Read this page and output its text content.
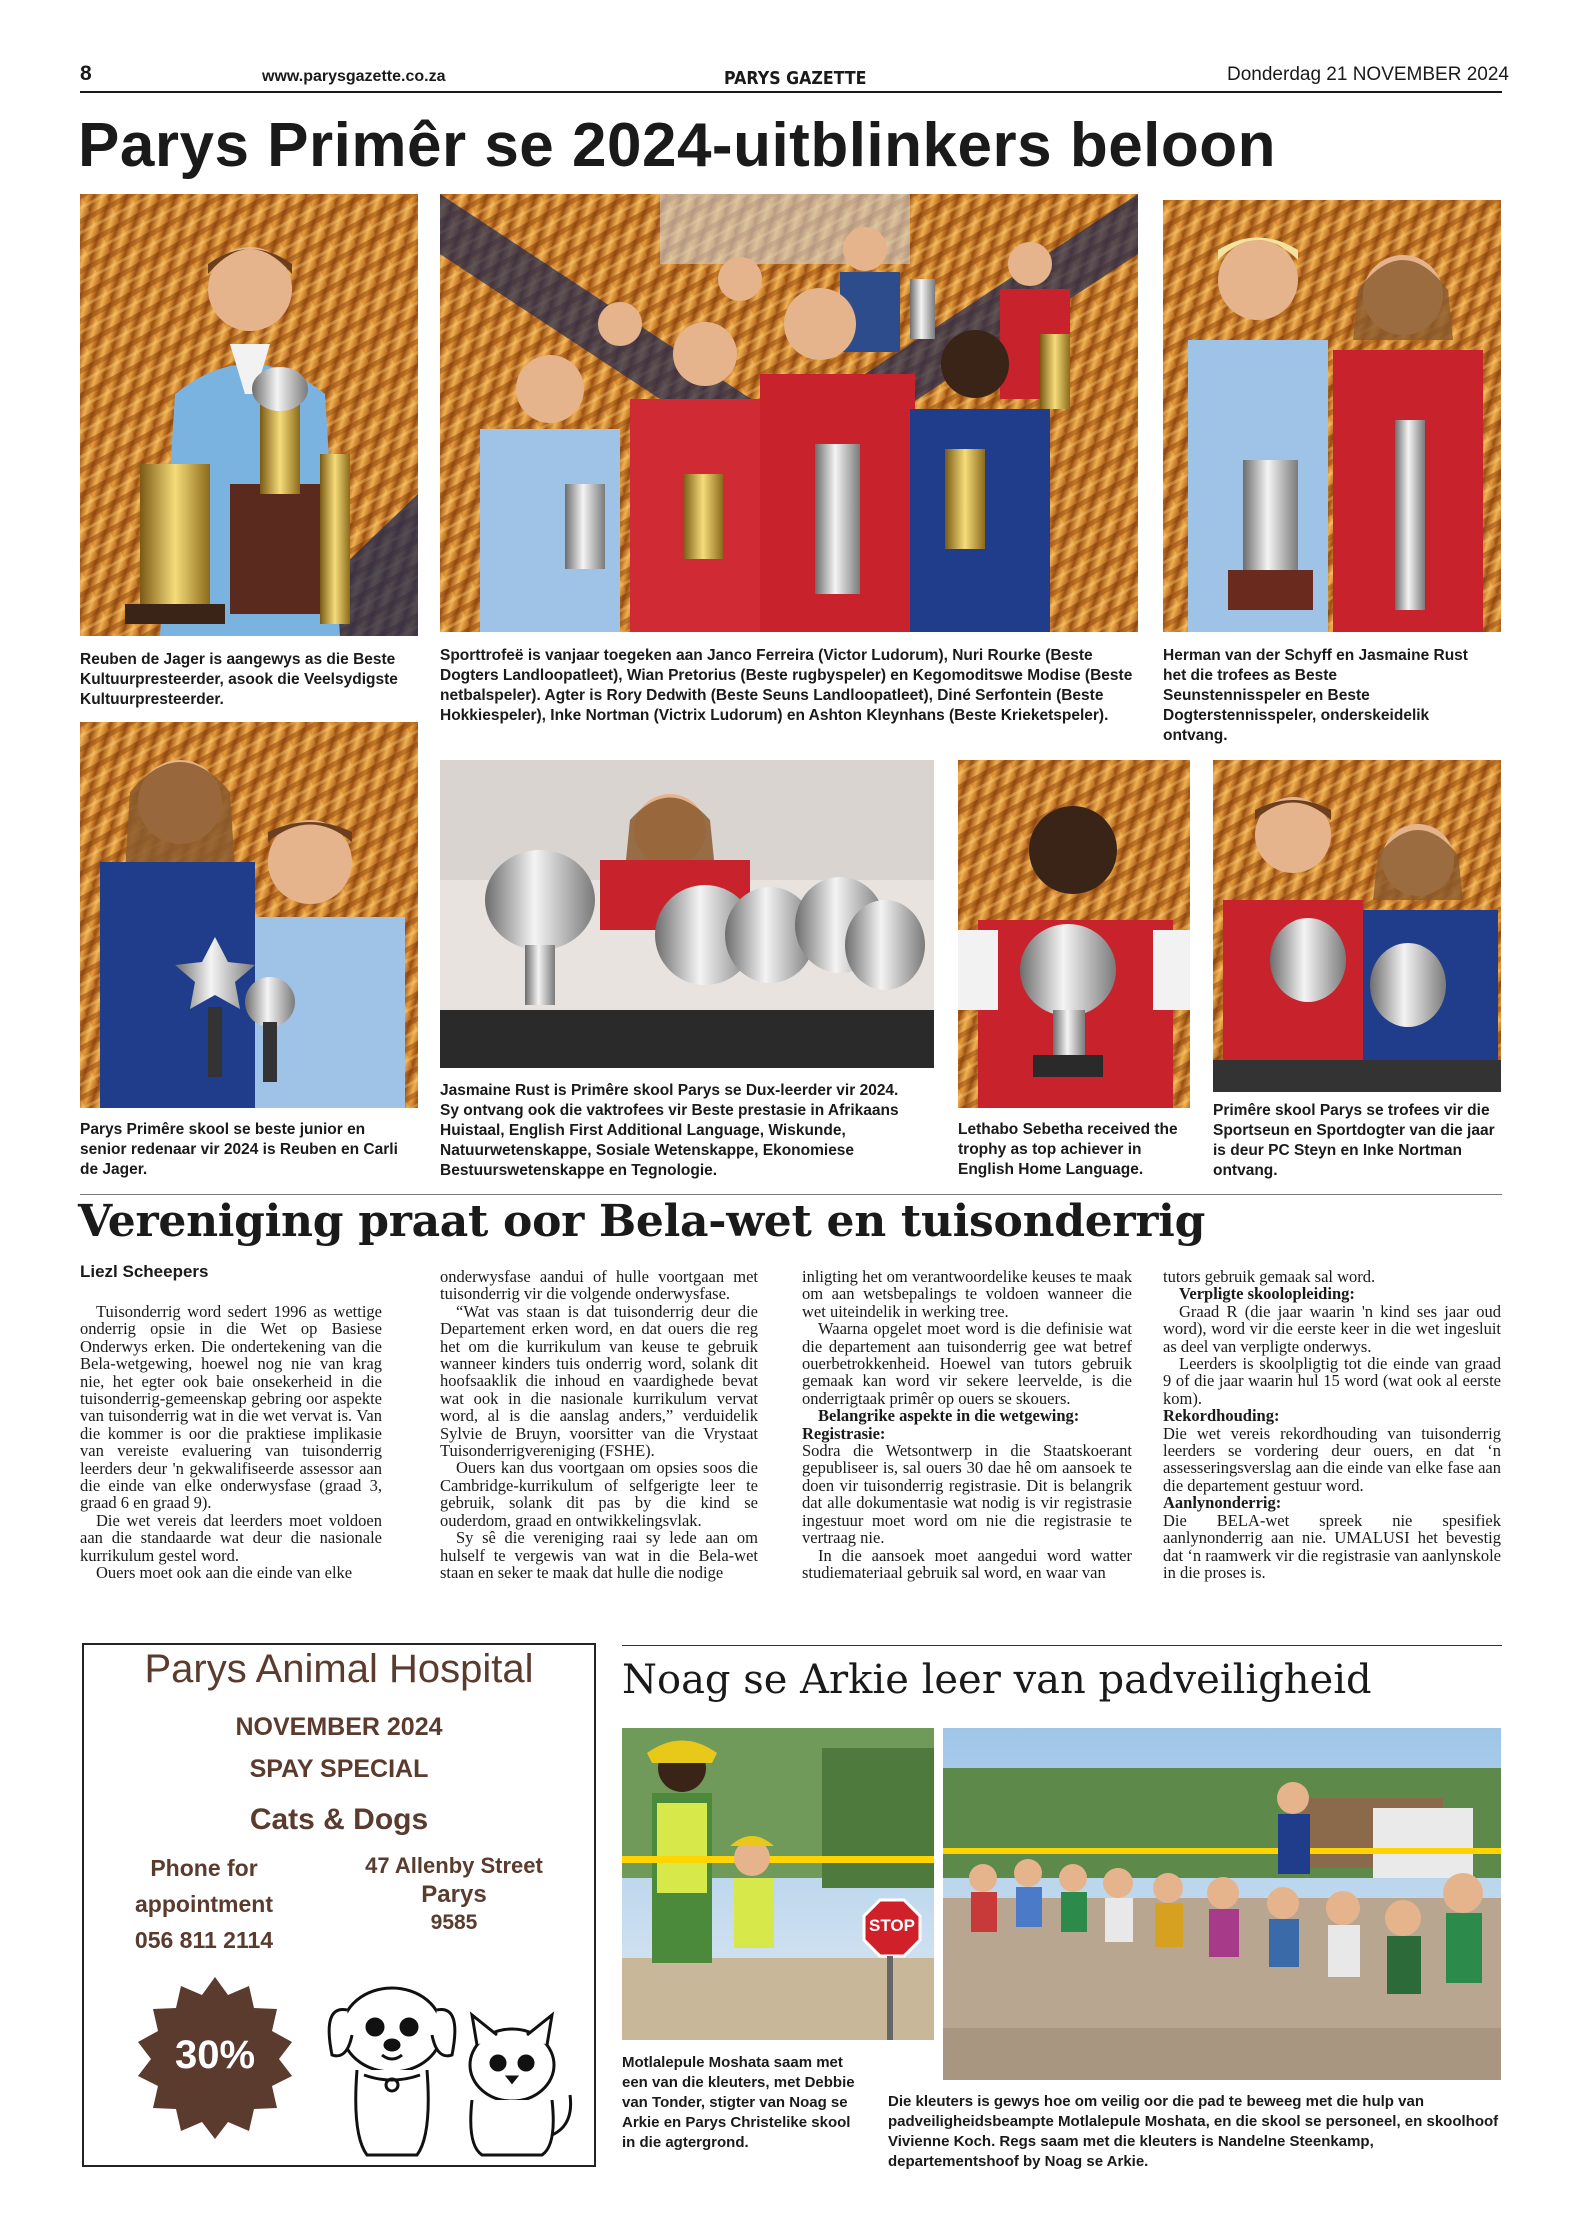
8	www.parysgazette.co.za	PARYS GAZETTE	Donderdag 21 NOVEMBER 2024
Parys Primêr se 2024-uitblinkers beloon
Reuben de Jager is aangewys as die Beste Kultuurpresteerder, asook die Veelsydigste Kultuurpresteerder.
Sporttrofeë is vanjaar toegeken aan Janco Ferreira (Victor Ludorum), Nuri Rourke (Beste Dogters Landloopatleet), Wian Pretorius (Beste rugbyspeler) en Kegomoditswe Modise (Beste netbalspeler). Agter is Rory Dedwith (Beste Seuns Landloopatleet), Diné Serfontein (Beste Hokkiespeler), Inke Nortman (Victrix Ludorum) en Ashton Kleynhans (Beste Krieketspeler).
Herman van der Schyff en Jasmaine Rust het die trofees as Beste Seunstennisspeler en Beste Dogterstennisspeler, onderskeidelik ontvang.
Parys Primêre skool se beste junior en senior redenaar vir 2024 is Reuben en Carli de Jager.
Jasmaine Rust is Primêre skool Parys se Dux-leerder vir 2024. Sy ontvang ook die vaktrofees vir Beste prestasie in Afrikaans Huistaal, English First Additional Language, Wiskunde, Natuurwetenskappe, Sosiale Wetenskappe, Ekonomiese Bestuurswetenskappe en Tegnologie.
Lethabo Sebetha received the trophy as top achiever in English Home Language.
Primêre skool Parys se trofees vir die Sportseun en Sportdogter van die jaar is deur PC Steyn en Inke Nortman ontvang.
Vereniging praat oor Bela-wet en tuisonderrig
Liezl Scheepers

Tuisonderrig word sedert 1996 as wettige onderrig opsie in die Wet op Basiese Onderwys erken. Die ondertekening van die Bela-wetgewing, hoewel nog nie van krag nie, het egter ook baie onsekerheid in die tuisonderrig-gemeenskap gebring oor aspekte van tuisonderrig wat in die wet vervat is. Van die kommer is oor die praktiese implikasie van vereiste evaluering van tuisonderrig leerders deur 'n gekwalifiseerde assessor aan die einde van elke onderwysfase (graad 3, graad 6 en graad 9).

Die wet vereis dat leerders moet voldoen aan die standaarde wat deur die nasionale kurrikulum gestel word.

Ouers moet ook aan die einde van elke

onderwysfase aandui of hulle voortgaan met tuisonderrig vir die volgende onderwysfase.

“Wat vas staan is dat tuisonderrig deur die Departement erken word, en dat ouers die reg het om die kurrikulum van keuse te gebruik wanneer kinders tuis onderrig word, solank dit hoofsaaklik die inhoud en vaardighede bevat wat ook in die nasionale kurrikulum vervat word, al is die aanslag anders,” verduidelik Sylvie de Bruyn, voorsitter van die Vrystaat Tuisonderrigvereniging (FSHE).

Ouers kan dus voortgaan om opsies soos die Cambridge-kurrikulum of selfgerigte leer te gebruik, solank dit pas by die kind se ouderdom, graad en ontwikkelingsvlak.

Sy sê die vereniging raai sy lede aan om hulself te vergewis van wat in die Bela-wet staan en seker te maak dat hulle die nodige

inligting het om verantwoordelike keuses te maak om aan wetsbepalings te voldoen wanneer die wet uiteindelik in werking tree.

Waarna opgelet moet word is die definisie wat die departement aan tuisonderrig gee wat betref ouerbetrokkenheid. Hoewel van tutors gebruik gemaak kan word vir sekere leervelde, is die onderrigtaak primêr op ouers se skouers.

Belangrike aspekte in die wetgewing:

Registrasie:

Sodra die Wetsontwerp in die Staatskoerant gepubliseer is, sal ouers 30 dae hê om aansoek te doen vir tuisonderrig registrasie. Dit is belangrik dat alle dokumentasie wat nodig is vir registrasie ingestuur moet word om nie die registrasie te vertraag nie.

In die aansoek moet aangedui word watter studiemateriaal gebruik sal word, en waar van

tutors gebruik gemaak sal word.

Verpligte skoolopleiding:

Graad R (die jaar waarin 'n kind ses jaar oud word), word vir die eerste keer in die wet ingesluit as deel van verpligte onderwys.

Leerders is skoolpligtig tot die einde van graad 9 of die jaar waarin hul 15 word (wat ook al eerste kom).

Rekordhouding:

Die wet vereis rekordhouding van tuisonderrig leerders se vordering deur ouers, en dat ‘n assesseringsverslag aan die einde van elke fase aan die departement gestuur word.

Aanlynonderrig:

Die BELA-wet spreek nie spesifiek aanlynonderrig aan nie. UMALUSI het bevestig dat ‘n raamwerk vir die registrasie van aanlynskole in die proses is.

Parys Animal Hospital
NOVEMBER 2024
SPAY SPECIAL
Cats & Dogs
Phone for
appointment
056 811 2114
47 Allenby Street
Parys
9585
30%
Noag se Arkie leer van padveiligheid
STOP
Motlalepule Moshata saam met een van die kleuters, met Debbie van Tonder, stigter van Noag se Arkie en Parys Christelike skool in die agtergrond.
Die kleuters is gewys hoe om veilig oor die pad te beweeg met die hulp van padveiligheidsbeampte Motlalepule Moshata, en die skool se personeel, en skoolhoof Vivienne Koch. Regs saam met die kleuters is Nandelne Steenkamp, departementshoof by Noag se Arkie.
